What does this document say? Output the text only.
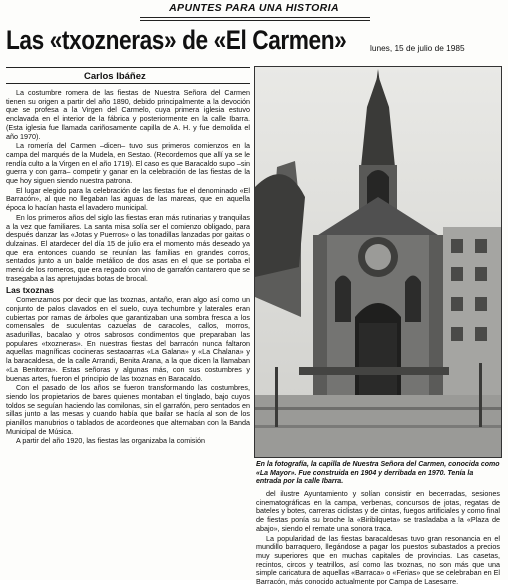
APUNTES PARA UNA HISTORIA
Las «txozneras» de «El Carmen»	lunes, 15 de julio de 1985
Carlos Ibáñez

La costumbre romera de las fiestas de Nuestra Señora del Carmen tienen su origen a partir del año 1890, debido principalmente a la devoción que se profesa a la Virgen del Carmelo, cuya primera iglesia estuvo enclavada en el interior de la fábrica y posteriormente en la calle Ibarra. (Esta iglesia fue llamada cariñosamente capilla de A. H. y fue demolida el año 1970).

La romería del Carmen –dicen– tuvo sus primeros comienzos en la campa del marqués de la Mudela, en Sestao. (Recordemos que allí ya se le rendía culto a la Virgen en el año 1719). El caso es que Baracaldo supo –sin guerra y con garra– competir y ganar en la celebración de las fiestas de la que hoy siguen siendo nuestra patrona.

El lugar elegido para la celebración de las fiestas fue el denominado «El Barracón», al que no llegaban las aguas de las mareas, que en aquella época lo hacían hasta el lavadero municipal.

En los primeros años del siglo las fiestas eran más rutinarias y tranquilas a la vez que familiares. La santa misa solía ser el comienzo obligado, para después danzar las «Jotas y Puerros» o las tonadillas lanzadas por gaitas o dulzainas. El atardecer del día 15 de julio era el momento más deseado ya que era entonces cuando se reunían las familias en grandes corros, sentados junto a un balde metálico de dos asas en el que se portaba el menú de los romeros, que era regado con vino de garrafón cantarero que se trasegaba a las apretujadas botas de brocal.

Las txoznas

Comenzamos por decir que las txoznas, antaño, eran algo así como un conjunto de palos clavados en el suelo, cuya techumbre y laterales eran cubiertas por ramas de árboles que garantizaban una sombra fresca a los comensales de suculentas cazuelas de caracoles, callos, morros, asadurillas, bacalao y otros sabrosos condimentos que preparaban las populares «txozneras». En nuestras fiestas del barracón nunca faltaron aquellas magníficas cocineras sestaoarras «La Galana» y «La Chalana» y la baracaldesa, de la calle Arrandi, Benita Arana, a la que dicen la llamaban «La Benitorra». Estas señoras y algunas más, con sus costumbres y buenas artes, fueron el principio de las txoznas en Baracaldo.

Con el pasado de los años se fueron transformando las costumbres, siendo los propietarios de bares quienes montaban el tinglado, bajo cuyos toldos se seguían haciendo las comilonas, sin el garrafón, pero sentados en sillas junto a las mesas y cuando había que bailar se hacía al son de los pianillos manubrios o tablados de acordeones que alternaban con la Banda Municipal de Música.

A partir del año 1920, las fiestas las organizaba la comisión

En la fotografía, la capilla de Nuestra Señora del Carmen, conocida como «La Mayor». Fue construida en 1904 y derribada en 1970. Tenía la entrada por la calle Ibarra.

del ilustre Ayuntamiento y solían consistir en becerradas, sesiones cinematográficas en la campa, verbenas, concursos de jotas, regatas de bateles y botes, carreras ciclistas y de cintas, fuegos artificiales y como final de fiestas ponía su broche la «Biribilqueta» se trasladaba a la «Plaza de abajo», siendo el remate una sonora traca.

La popularidad de las fiestas baracaldesas tuvo gran resonancia en el mundillo barraquero, llegándose a pagar los puestos subastados a precios muy superiores que en muchas capitales de provincias. Las casetas, recintos, circos y teatrillos, así como las txoznas, no son más que una simple caricatura de aquellas «Barraca» o «Ferias» que se celebraban en El Barracón, más conocido actualmente por Campa de Lasesarre.
